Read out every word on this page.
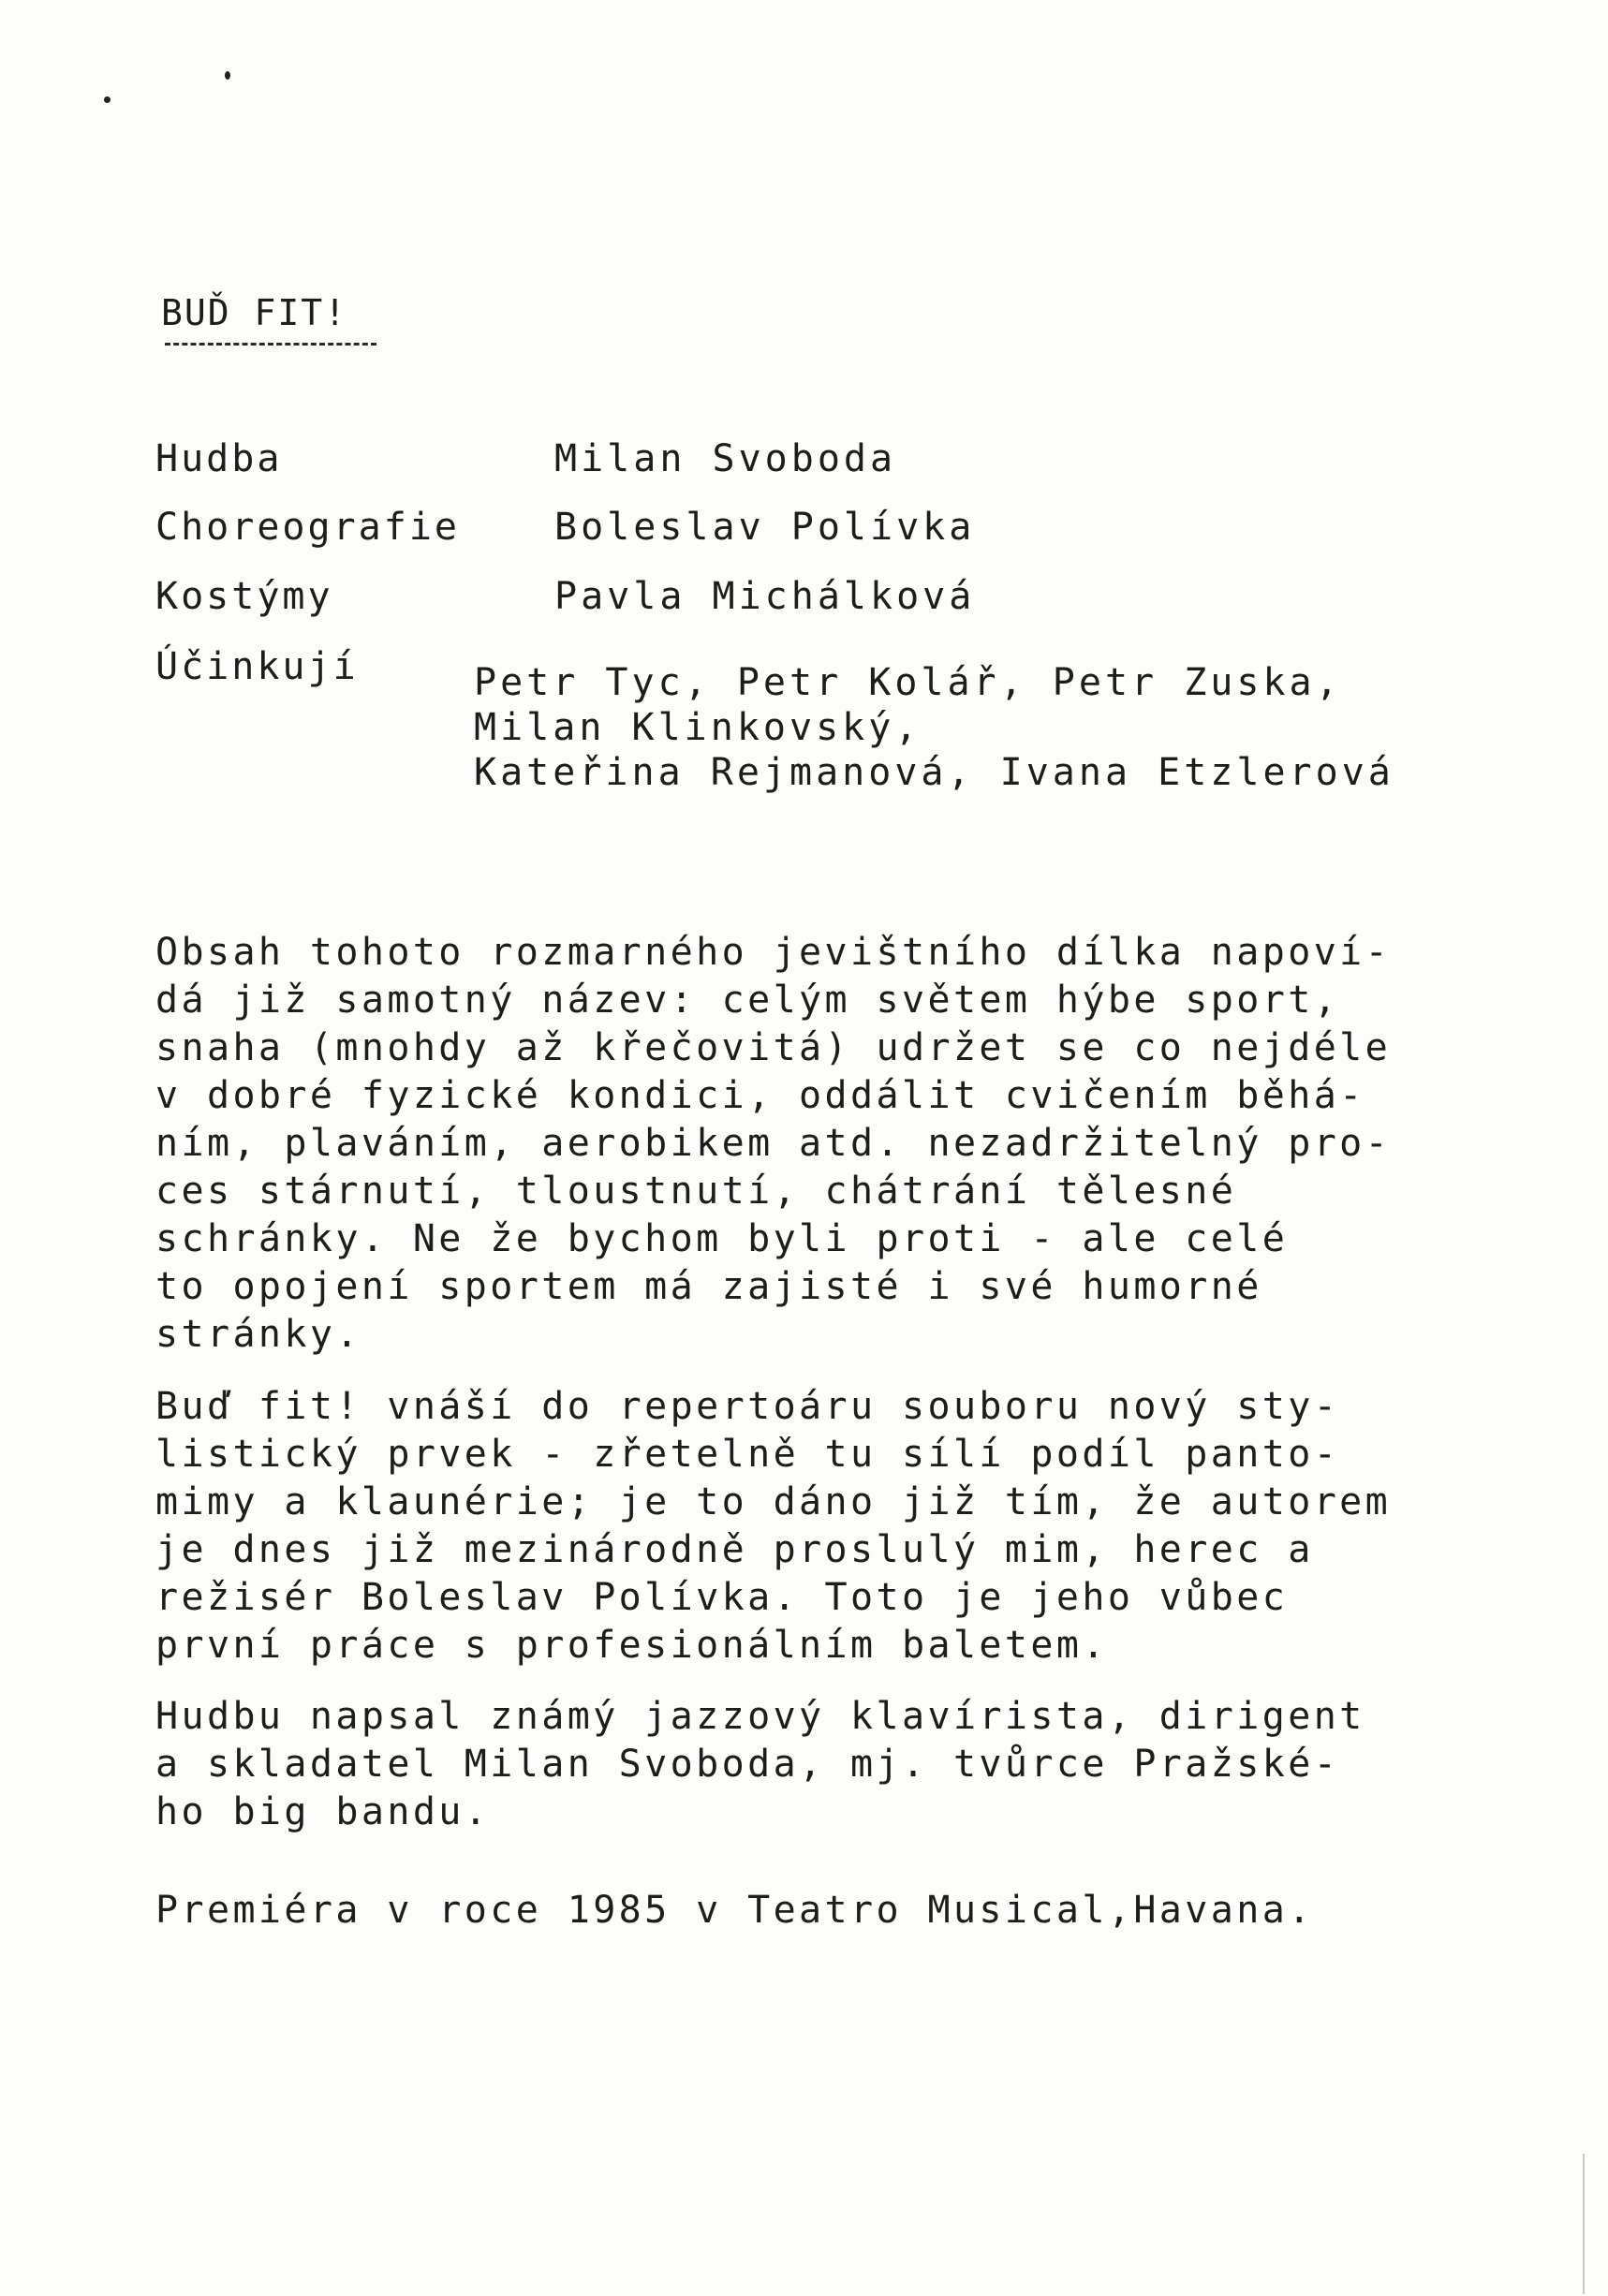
BUĎ FIT!
Hudba	Milan Svoboda
Choreografie	Boleslav Polívka
Kostýmy	Pavla Michálková
Účinkují	Petr Tyc, Petr Kolář, Petr Zuska,
Milan Klinkovský,
Kateřina Rejmanová, Ivana Etzlerová
Obsah tohoto rozmarného jevištního dílka napoví-
dá již samotný název: celým světem hýbe sport,
snaha (mnohdy až křečovitá) udržet se co nejdéle
v dobré fyzické kondici, oddálit cvičením běhá-
ním, plaváním, aerobikem atd. nezadržitelný pro-
ces stárnutí, tloustnutí, chátrání tělesné
schránky. Ne že bychom byli proti - ale celé
to opojení sportem má zajisté i své humorné
stránky.
Buď fit! vnáší do repertoáru souboru nový sty-
listický prvek - zřetelně tu sílí podíl panto-
mimy a klaunérie; je to dáno již tím, že autorem
je dnes již mezinárodně proslulý mim, herec a
režisér Boleslav Polívka. Toto je jeho vůbec
první práce s profesionálním baletem.
Hudbu napsal známý jazzový klavírista, dirigent
a skladatel Milan Svoboda, mj. tvůrce Pražské-
ho big bandu.
Premiéra v roce 1985 v Teatro Musical,Havana.
